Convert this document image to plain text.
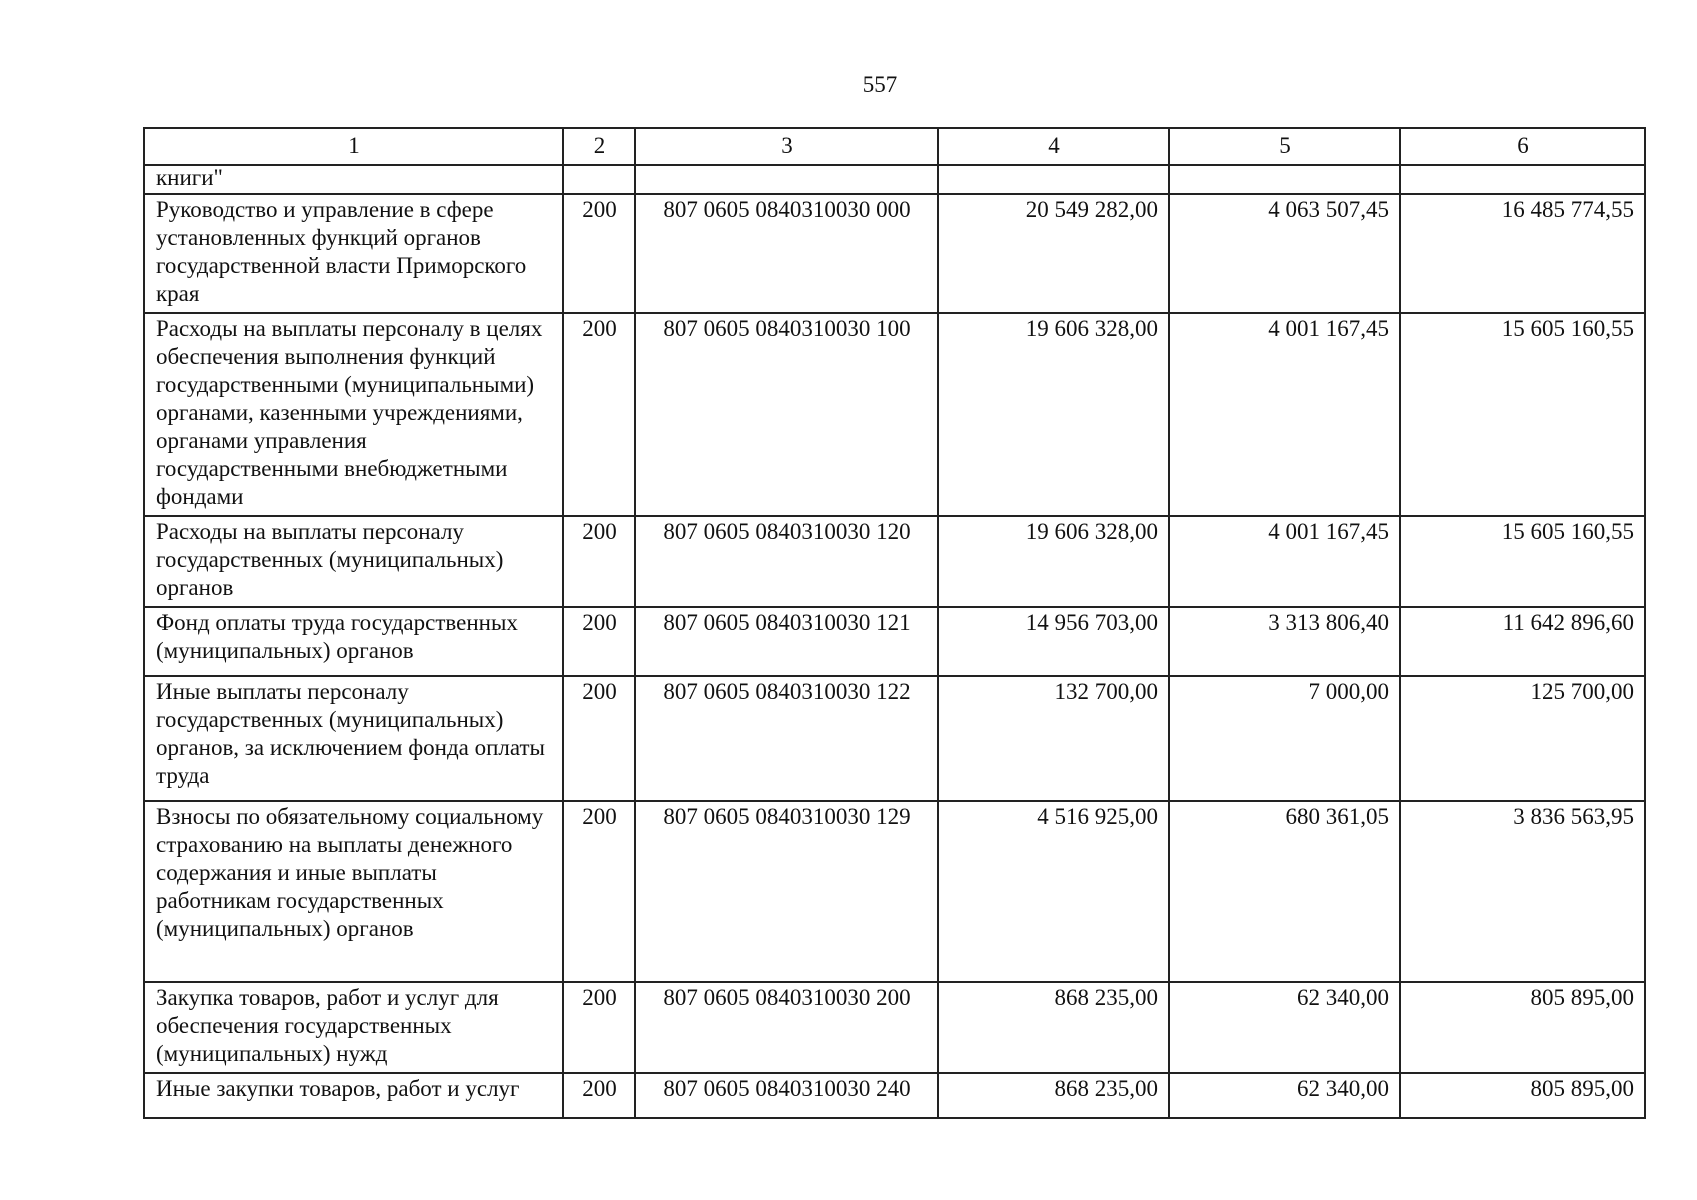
557
1	2	3	4	5	6
книги"					
Руководство и управление в сфере установленных функций органов государственной власти Приморского края	200	807 0605 0840310030 000	20 549 282,00	4 063 507,45	16 485 774,55
Расходы на выплаты персоналу в целях обеспечения выполнения функций государственными (муниципальными) органами, казенными учреждениями, органами управления государственными внебюджетными фондами	200	807 0605 0840310030 100	19 606 328,00	4 001 167,45	15 605 160,55
Расходы на выплаты персоналу государственных (муниципальных) органов	200	807 0605 0840310030 120	19 606 328,00	4 001 167,45	15 605 160,55
Фонд оплаты труда государственных (муниципальных) органов	200	807 0605 0840310030 121	14 956 703,00	3 313 806,40	11 642 896,60
Иные выплаты персоналу государственных (муниципальных) органов, за исключением фонда оплаты труда	200	807 0605 0840310030 122	132 700,00	7 000,00	125 700,00
Взносы по обязательному социальному страхованию на выплаты денежного содержания и иные выплаты работникам государственных (муниципальных) органов	200	807 0605 0840310030 129	4 516 925,00	680 361,05	3 836 563,95
Закупка товаров, работ и услуг для обеспечения государственных (муниципальных) нужд	200	807 0605 0840310030 200	868 235,00	62 340,00	805 895,00
Иные закупки товаров, работ и услуг	200	807 0605 0840310030 240	868 235,00	62 340,00	805 895,00
